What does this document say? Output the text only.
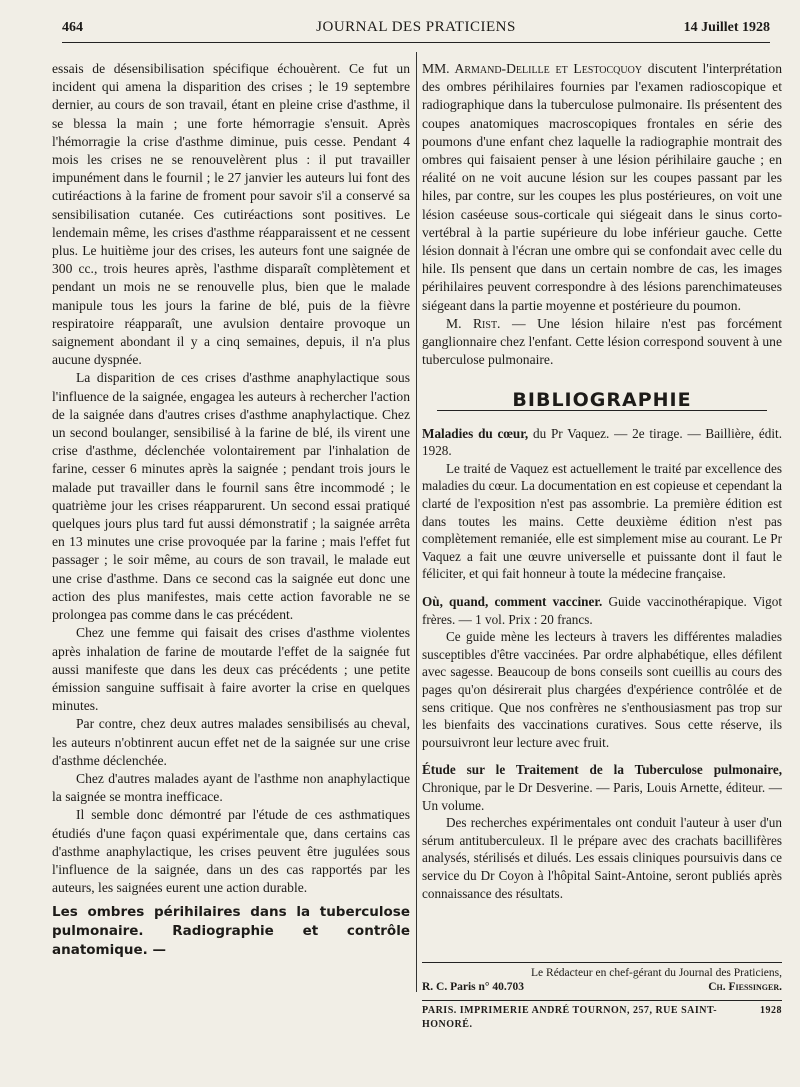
464	JOURNAL DES PRATICIENS	14 Juillet 1928

essais de désensibilisation spécifique échouèrent. Ce fut un incident qui amena la disparition des crises ; le 19 septembre dernier, au cours de son travail, étant en pleine crise d'asthme, il se blessa la main ; une forte hémorragie s'ensuit. Après l'hémorragie la crise d'asthme diminue, puis cesse. Pendant 4 mois les crises ne se renouvelèrent plus : il put travailler impunément dans le fournil ; le 27 janvier les auteurs lui font des cutiréactions à la farine de froment pour savoir s'il a conservé sa sensibilisation cutanée. Ces cutiréactions sont positives. Le lendemain même, les crises d'asthme réapparaissent et ne cessent plus. Le huitième jour des crises, les auteurs font une saignée de 300 cc., trois heures après, l'asthme disparaît complètement et pendant un mois ne se renouvelle plus, bien que le malade manipule tous les jours la farine de blé, puis de la fièvre respiratoire réapparaît, une avulsion dentaire provoque un saignement abondant il y a cinq semaines, depuis, il n'a plus aucune dyspnée.

La disparition de ces crises d'asthme anaphylactique sous l'influence de la saignée, engagea les auteurs à rechercher l'action de la saignée dans d'autres crises d'asthme anaphylactique. Chez un second boulanger, sensibilisé à la farine de blé, ils virent une crise d'asthme, déclenchée volontairement par l'inhalation de farine, cesser 6 minutes après la saignée ; pendant trois jours le malade put travailler dans le fournil sans être incommodé ; le quatrième jour les crises réapparurent. Un second essai pratiqué quelques jours plus tard fut aussi démonstratif ; la saignée arrêta en 13 minutes une crise provoquée par la farine ; mais l'effet fut passager ; le soir même, au cours de son travail, le malade eut une crise d'asthme. Dans ce second cas la saignée eut donc une action des plus manifestes, mais cette action favorable ne se prolongea pas comme dans le cas précédent.

Chez une femme qui faisait des crises d'asthme violentes après inhalation de farine de moutarde l'effet de la saignée fut aussi manifeste que dans les deux cas précédents ; une petite émission sanguine suffisait à faire avorter la crise en quelques minutes.

Par contre, chez deux autres malades sensibilisés au cheval, les auteurs n'obtinrent aucun effet net de la saignée sur une crise d'asthme déclenchée.

Chez d'autres malades ayant de l'asthme non anaphylactique la saignée se montra inefficace.

Il semble donc démontré par l'étude de ces asthmatiques étudiés d'une façon quasi expérimentale que, dans certains cas d'asthme anaphylactique, les crises peuvent être jugulées sous l'influence de la saignée, dans un des cas rapportés par les auteurs, les saignées eurent une action durable.

Les ombres périhilaires dans la tuberculose pulmonaire. Radiographie et contrôle anatomique. —

MM. Armand-Delille et Lestocquoy discutent l'interprétation des ombres périhilaires fournies par l'examen radioscopique et radiographique dans la tuberculose pulmonaire. Ils présentent des coupes anatomiques macroscopiques frontales en série des poumons d'une enfant chez laquelle la radiographie montrait des ombres qui faisaient penser à une lésion périhilaire gauche ; en réalité on ne voit aucune lésion sur les coupes passant par les hiles, par contre, sur les coupes les plus postérieures, on voit une lésion caséeuse sous-corticale qui siégeait dans le sinus corto-vertébral à la partie supérieure du lobe inférieur gauche. Cette lésion donnait à l'écran une ombre qui se confondait avec celle du hile. Ils pensent que dans un certain nombre de cas, les images périhilaires peuvent correspondre à des lésions parenchimateuses siégeant dans la partie moyenne et postérieure du poumon.

M. Rist. — Une lésion hilaire n'est pas forcément ganglionnaire chez l'enfant. Cette lésion correspond souvent à une tuberculose pulmonaire.

BIBLIOGRAPHIE

Maladies du cœur, du Pr Vaquez. — 2e tirage. — Baillière, édit. 1928.

Le traité de Vaquez est actuellement le traité par excellence des maladies du cœur. La documentation en est copieuse et cependant la clarté de l'exposition n'est pas assombrie. La première édition est dans toutes les mains. Cette deuxième édition n'est pas complètement remaniée, elle est simplement mise au courant. Le Pr Vaquez a fait une œuvre universelle et puissante dont il faut le féliciter, et qui fait honneur à toute la médecine française.

Où, quand, comment vacciner. Guide vaccinothérapique. Vigot frères. — 1 vol. Prix : 20 francs.

Ce guide mène les lecteurs à travers les différentes maladies susceptibles d'être vaccinées. Par ordre alphabétique, elles défilent avec sagesse. Beaucoup de bons conseils sont cueillis au cours des pages qu'on désirerait plus chargées d'expérience contrôlée et de sens critique. Que nos confrères ne s'enthousiasment pas trop sur les bienfaits des vaccinations curatives. Sous cette réserve, ils poursuivront leur lecture avec fruit.

Étude sur le Traitement de la Tuberculose pulmonaire, Chronique, par le Dr Desverine. — Paris, Louis Arnette, éditeur. — Un volume.

Des recherches expérimentales ont conduit l'auteur à user d'un sérum antituberculeux. Il le prépare avec des crachats bacillifères analysés, stérilisés et dilués. Les essais cliniques poursuivis dans ce service du Dr Coyon à l'hôpital Saint-Antoine, seront publiés après connaissance des résultats.

Le Rédacteur en chef-gérant du Journal des Praticiens,
R. C. Paris n° 40.703	Ch. Fiessinger.
PARIS. IMPRIMERIE ANDRÉ TOURNON, 257, RUE SAINT-HONORÉ.
1928
